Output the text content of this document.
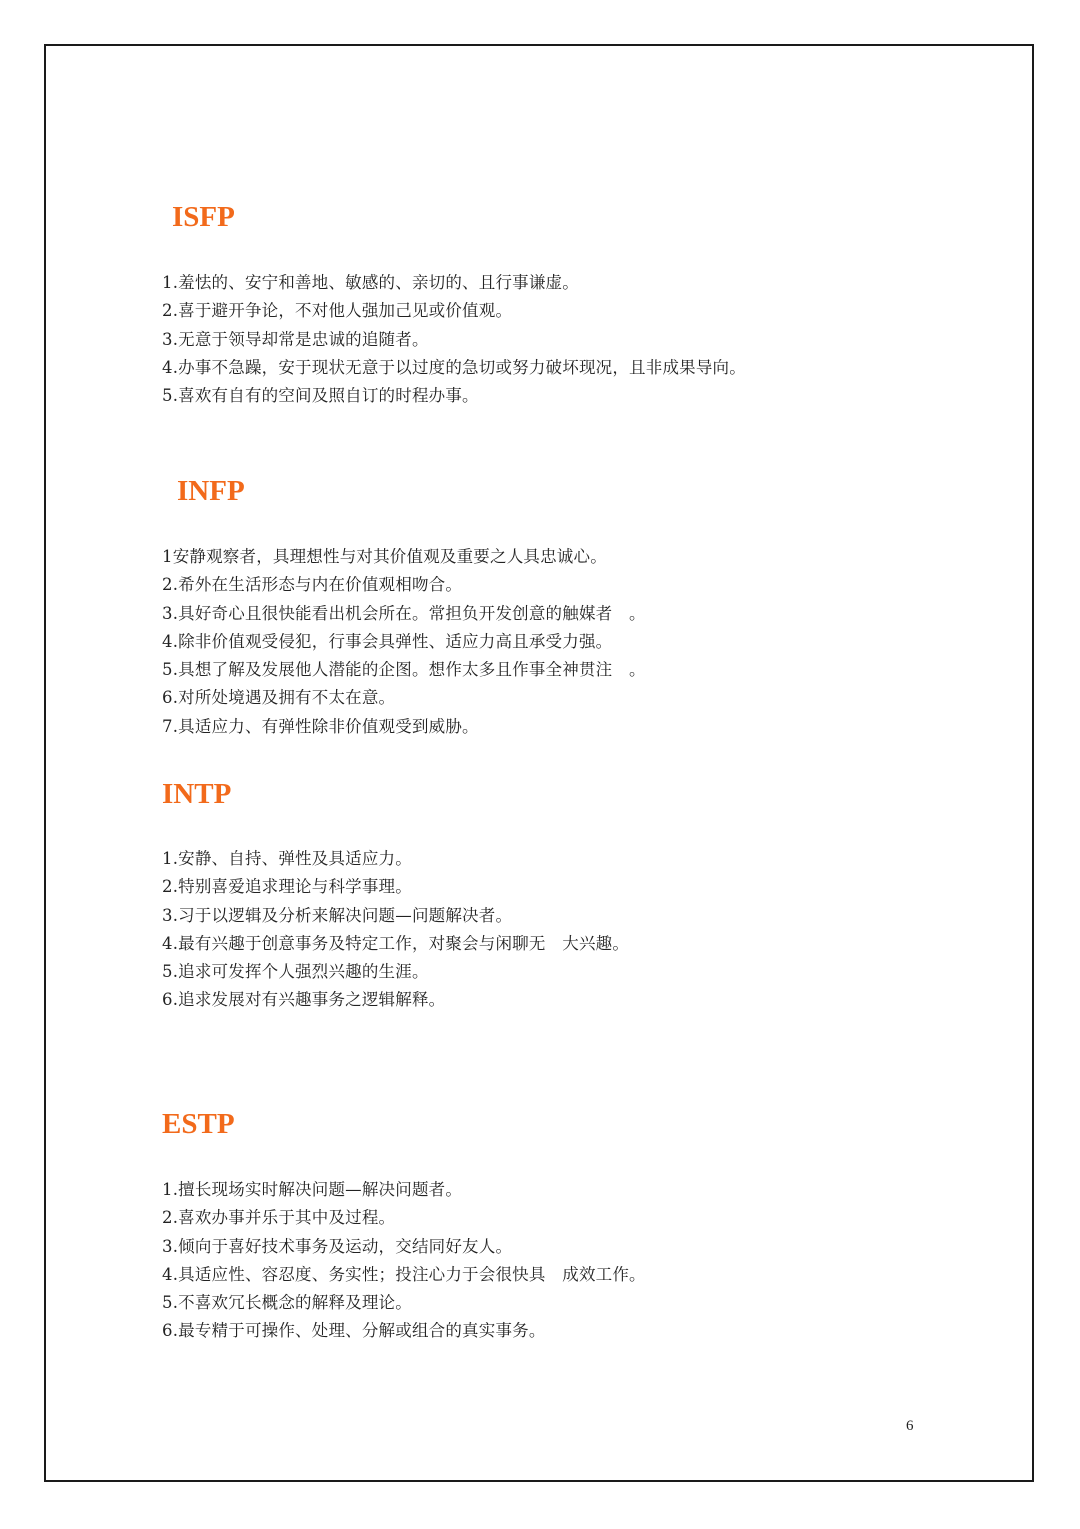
ISFP
1.羞怯的、安宁和善地、敏感的、亲切的、且行事谦虚。
2.喜于避开争论，不对他人强加己见或价值观。
3.无意于领导却常是忠诚的追随者。
4.办事不急躁，安于现状无意于以过度的急切或努力破坏现况，且非成果导向。
5.喜欢有自有的空间及照自订的时程办事。
INFP
1安静观察者，具理想性与对其价值观及重要之人具忠诚心。
2.希外在生活形态与内在价值观相吻合。
3.具好奇心且很快能看出机会所在。常担负开发创意的触媒者　。
4.除非价值观受侵犯，行事会具弹性、适应力高且承受力强。
5.具想了解及发展他人潜能的企图。想作太多且作事全神贯注　。
6.对所处境遇及拥有不太在意。
7.具适应力、有弹性除非价值观受到威胁。
INTP
1.安静、自持、弹性及具适应力。
2.特别喜爱追求理论与科学事理。
3.习于以逻辑及分析来解决问题—问题解决者。
4.最有兴趣于创意事务及特定工作，对聚会与闲聊无　大兴趣。
5.追求可发挥个人强烈兴趣的生涯。
6.追求发展对有兴趣事务之逻辑解释。
ESTP
1.擅长现场实时解决问题—解决问题者。
2.喜欢办事并乐于其中及过程。
3.倾向于喜好技术事务及运动，交结同好友人。
4.具适应性、容忍度、务实性；投注心力于会很快具　成效工作。
5.不喜欢冗长概念的解释及理论。
6.最专精于可操作、处理、分解或组合的真实事务。
6
